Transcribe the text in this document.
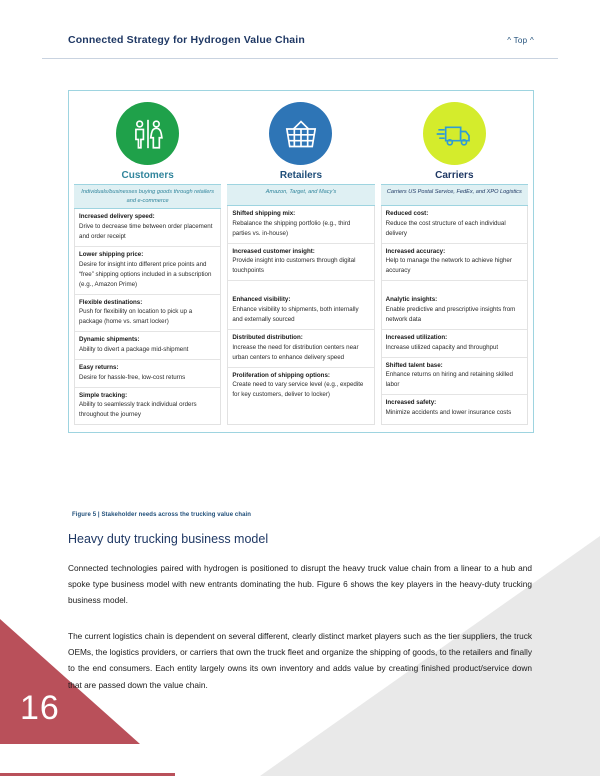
16
Connected Strategy for Hydrogen Value Chain	^ Top ^
Customers
Individuals/businesses buying goods through retailers and e-commerce
Increased delivery speed:
Drive to decrease time between order placement and order receipt
Lower shipping price:
Desire for insight into different price points and “free” shipping options included in a subscription (e.g., Amazon Prime)
Flexible destinations:
Push for flexibility on location to pick up a package (home vs. smart locker)
Dynamic shipments:
Ability to divert a package mid-shipment
Easy returns:
Desire for hassle-free, low-cost returns
Simple tracking:
Ability to seamlessly track individual orders throughout the journey
Retailers
Amazon, Target, and Macy’s
Shifted shipping mix:
Rebalance the shipping portfolio (e.g., third parties vs. in-house)
Increased customer insight:
Provide insight into customers through digital touchpoints
Enhanced visibility:
Enhance visibility to shipments, both internally and externally sourced
Distributed distribution:
Increase the need for distribution centers near urban centers to enhance delivery speed
Proliferation of shipping options:
Create need to vary service level (e.g., expedite for key customers, deliver to locker)
Carriers
Carriers US Postal Service, FedEx, and XPO Logistics
Reduced cost:
Reduce the cost structure of each individual delivery
Increased accuracy:
Help to manage the network to achieve higher accuracy
Analytic insights:
Enable predictive and prescriptive insights from network data
Increased utilization:
Increase utilized capacity and throughput
Shifted talent base:
Enhance returns on hiring and retaining skilled labor
Increased safety:
Minimize accidents and lower insurance costs
Figure 5 | Stakeholder needs across the trucking value chain
Heavy duty trucking business model
Connected technologies paired with hydrogen is positioned to disrupt the heavy truck value chain from a linear to a hub and spoke type business model with new entrants dominating the hub. Figure 6 shows the key players in the heavy-duty trucking business model.
The current logistics chain is dependent on several different, clearly distinct market players such as the tier suppliers, the truck OEMs, the logistics providers, or carriers that own the truck fleet and organize the shipping of goods, to the retailers and finally to the end consumers. Each entity largely owns its own inventory and adds value by creating finished product/service down that are passed down the value chain.
